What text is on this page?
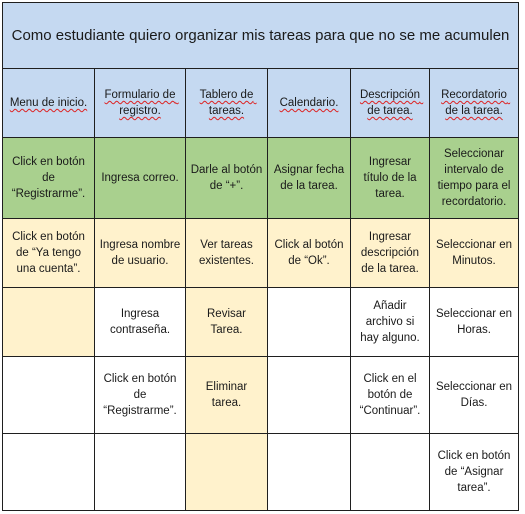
Como estudiante quiero organizar mis tareas para que no se me acumulen
Menu de inicio.
Formulario de registro.
Tablero de tareas.
Calendario.
Descripción de tarea.
Recordatorio de la tarea.
Click en botón de “Registrarme”.
Ingresa correo.
Darle al botón de “+”.
Asignar fecha de la tarea.
Ingresar título de la tarea.
Seleccionar intervalo de tiempo para el recordatorio.
Click en botón de “Ya tengo una cuenta”.
Ingresa nombre de usuario.
Ver tareas existentes.
Click al botón de “Ok”.
Ingresar descripción de la tarea.
Seleccionar en Minutos.
Ingresa contraseña.
Revisar Tarea.
Añadir archivo si hay alguno.
Seleccionar en Horas.
Click en botón de “Registrarme”.
Eliminar tarea.
Click en el botón de “Continuar”.
Seleccionar en Días.
Click en botón de “Asignar tarea”.
